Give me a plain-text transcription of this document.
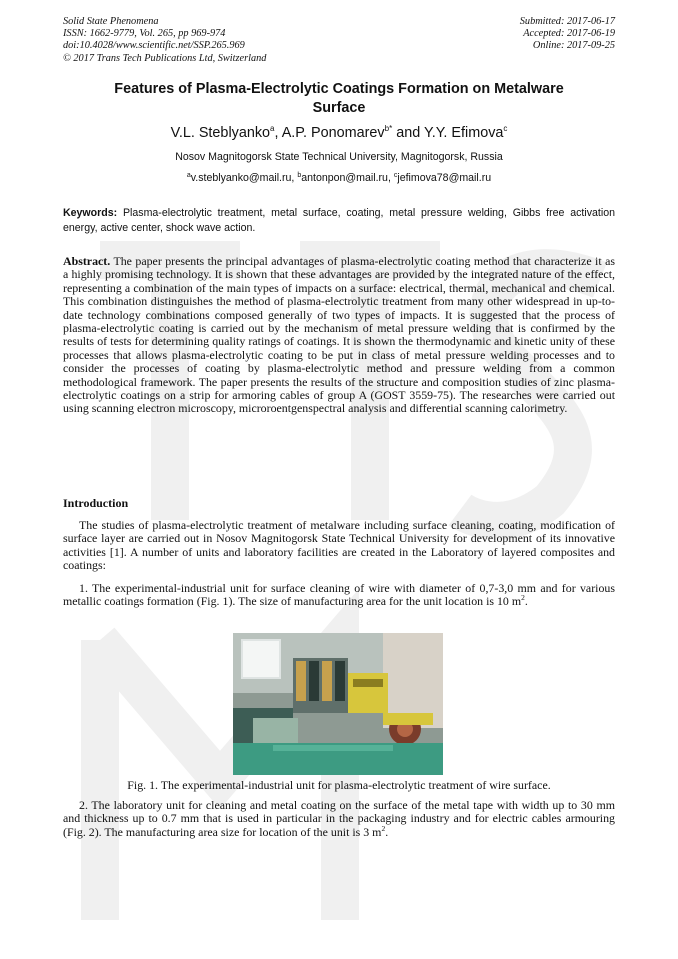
Solid State Phenomena
ISSN: 1662-9779, Vol. 265, pp 969-974
doi:10.4028/www.scientific.net/SSP.265.969
© 2017 Trans Tech Publications Ltd, Switzerland
Submitted: 2017-06-17
Accepted: 2017-06-19
Online: 2017-09-25
Features of Plasma-Electrolytic Coatings Formation on Metalware
Surface
V.L. Steblyanko$^a$, A.P. Ponomarev$^{b*}$ and Y.Y. Efimova$^c$
Nosov Magnitogorsk State Technical University, Magnitogorsk, Russia
$^a$v.steblyanko@mail.ru, $^b$antonpon@mail.ru, $^c$jefimova78@mail.ru
Keywords: Plasma-electrolytic treatment, metal surface, coating, metal pressure welding, Gibbs free activation energy, active center, shock wave action.
Abstract. The paper presents the principal advantages of plasma-electrolytic coating method that characterize it as a highly promising technology. It is shown that these advantages are provided by the integrated nature of the effect, representing a combination of the main types of impacts on a surface: electrical, thermal, mechanical and chemical. This combination distinguishes the method of plasma-electrolytic treatment from many other widespread in up-to-date technology combinations composed generally of two types of impacts. It is suggested that the process of plasma-electrolytic coating is carried out by the mechanism of metal pressure welding that is confirmed by the results of tests for determining quality ratings of coatings. It is shown the thermodynamic and kinetic unity of these processes that allows plasma-electrolytic coating to be put in class of metal pressure welding processes and to consider the processes of coating by plasma-electrolytic method and pressure welding from a common methodological framework. The paper presents the results of the structure and composition studies of zinc plasma-electrolytic coatings on a strip for armoring cables of group A (GOST 3559-75). The researches were carried out using scanning electron microscopy, microroentgenspectral analysis and differential scanning calorimetry.
Introduction

The studies of plasma-electrolytic treatment of metalware including surface cleaning, coating, modification of surface layer are carried out in Nosov Magnitogorsk State Technical University for development of its innovative activities [1]. A number of units and laboratory facilities are created in the Laboratory of layered composites and coatings:

1. The experimental-industrial unit for surface cleaning of wire with diameter of 0,7-3,0 mm and for various metallic coatings formation (Fig. 1). The size of manufacturing area for the unit location is 10 $m^2$.

Fig. 1. The experimental-industrial unit for plasma-electrolytic treatment of wire surface.

2. The laboratory unit for cleaning and metal coating on the surface of the metal tape with width up to 30 mm and thickness up to 0.7 mm that is used in particular in the packaging industry and for electric cables armouring (Fig. 2). The manufacturing area size for location of the unit is 3 $m^2$.
